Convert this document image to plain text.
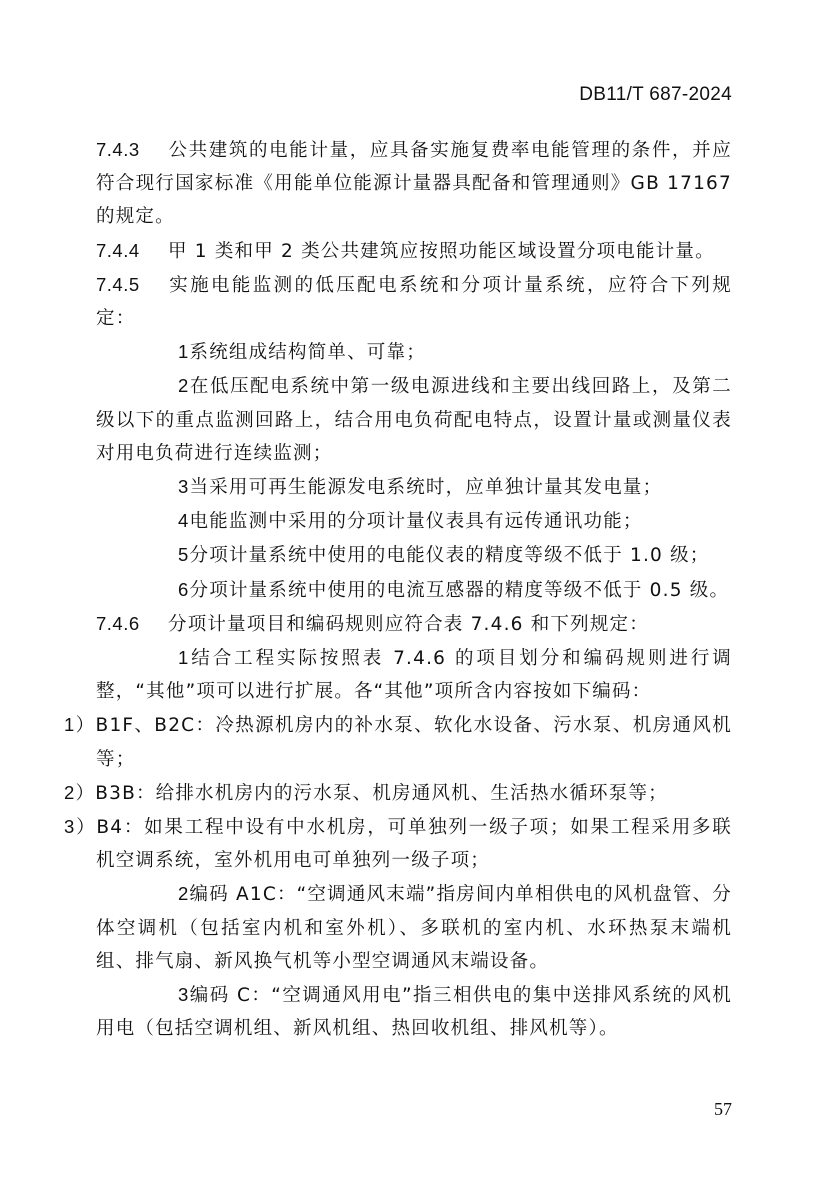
DB11/T 687-2024

7.4.3 公共建筑的电能计量，应具备实施复费率电能管理的条件，并应符合现行国家标准《用能单位能源计量器具配备和管理通则》GB 17167 的规定。

7.4.4 甲 1 类和甲 2 类公共建筑应按照功能区域设置分项电能计量。

7.4.5 实施电能监测的低压配电系统和分项计量系统，应符合下列规定：

1系统组成结构简单、可靠；

2在低压配电系统中第一级电源进线和主要出线回路上，及第二级以下的重点监测回路上，结合用电负荷配电特点，设置计量或测量仪表对用电负荷进行连续监测；

3当采用可再生能源发电系统时，应单独计量其发电量；

4电能监测中采用的分项计量仪表具有远传通讯功能；

5分项计量系统中使用的电能仪表的精度等级不低于 1.0 级；

6分项计量系统中使用的电流互感器的精度等级不低于 0.5 级。

7.4.6 分项计量项目和编码规则应符合表 7.4.6 和下列规定：

1结合工程实际按照表 7.4.6 的项目划分和编码规则进行调整，“其他”项可以进行扩展。各“其他”项所含内容按如下编码：

1）B1F、B2C：冷热源机房内的补水泵、软化水设备、污水泵、机房通风机等；

2）B3B：给排水机房内的污水泵、机房通风机、生活热水循环泵等；

3）B4：如果工程中设有中水机房，可单独列一级子项；如果工程采用多联机空调系统，室外机用电可单独列一级子项；

2编码 A1C：“空调通风末端”指房间内单相供电的风机盘管、分体空调机（包括室内机和室外机）、多联机的室内机、水环热泵末端机组、排气扇、新风换气机等小型空调通风末端设备。

3编码 C：“空调通风用电”指三相供电的集中送排风系统的风机用电（包括空调机组、新风机组、热回收机组、排风机等）。

57
